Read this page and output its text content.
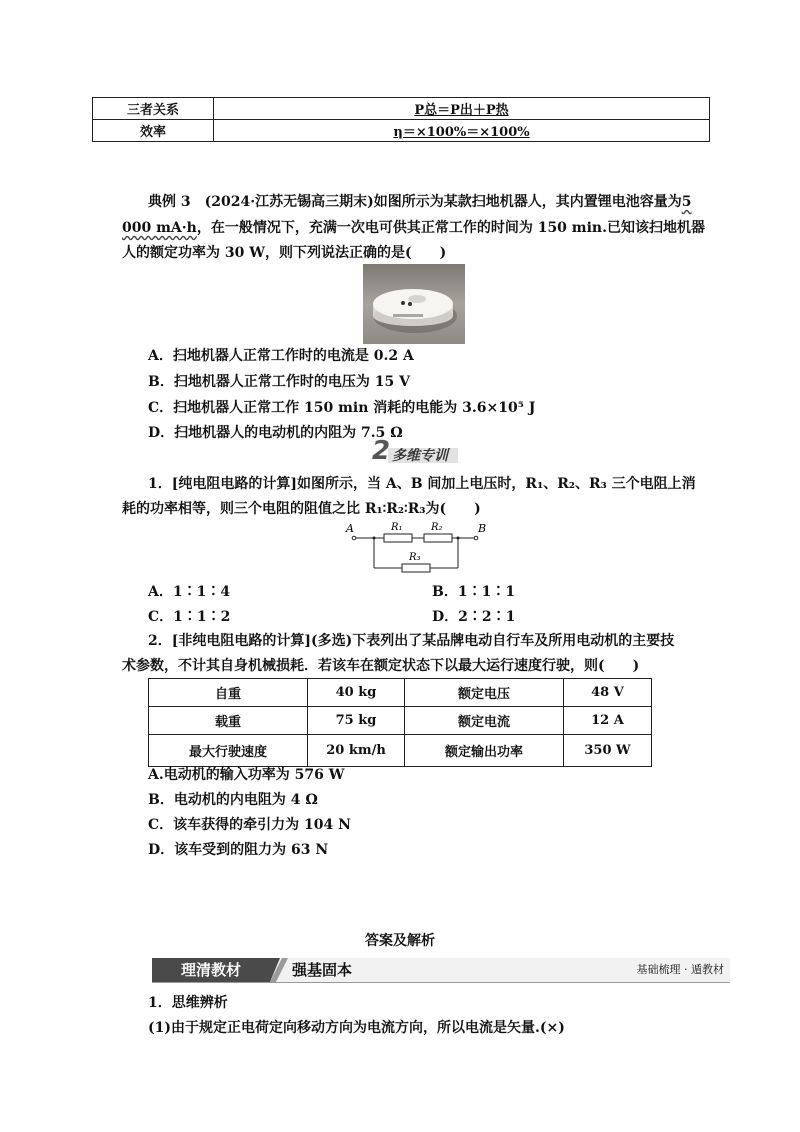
三者关系	P总＝P出＋P热
效率	η＝×100%＝×100%
典例 3　(2024·江苏无锡高三期末)如图所示为某款扫地机器人，其内置锂电池容量为5
000 mA·h，在一般情况下，充满一次电可供其正常工作的时间为 150 min.已知该扫地机器
人的额定功率为 30 W，则下列说法正确的是(　　)
A．扫地机器人正常工作时的电流是 0.2 A
B．扫地机器人正常工作时的电压为 15 V
C．扫地机器人正常工作 150 min 消耗的电能为 3.6×10⁵ J
D．扫地机器人的电动机的内阻为 7.5 Ω
2 多维专训
1．[纯电阻电路的计算]如图所示，当 A、B 间加上电压时，R₁、R₂、R₃ 三个电阻上消
耗的功率相等，则三个电阻的阻值之比 R₁∶R₂∶R₃为(　　)
A	B
R₁	R₂
R₃
A．1∶1∶4	B．1∶1∶1
C．1∶1∶2	D．2∶2∶1
2．[非纯电阻电路的计算](多选)下表列出了某品牌电动自行车及所用电动机的主要技
术参数，不计其自身机械损耗．若该车在额定状态下以最大运行速度行驶，则(　　)
自重	40 kg	额定电压	48 V
载重	75 kg	额定电流	12 A
最大行驶速度	20 km/h	额定输出功率	350 W
A.电动机的输入功率为 576 W
B．电动机的内电阻为 4 Ω
C．该车获得的牵引力为 104 N
D．该车受到的阻力为 63 N
答案及解析
理清教材	强基固本	基础梳理 · 遁教材
1．思维辨析
(1)由于规定正电荷定向移动方向为电流方向，所以电流是矢量.(×)
